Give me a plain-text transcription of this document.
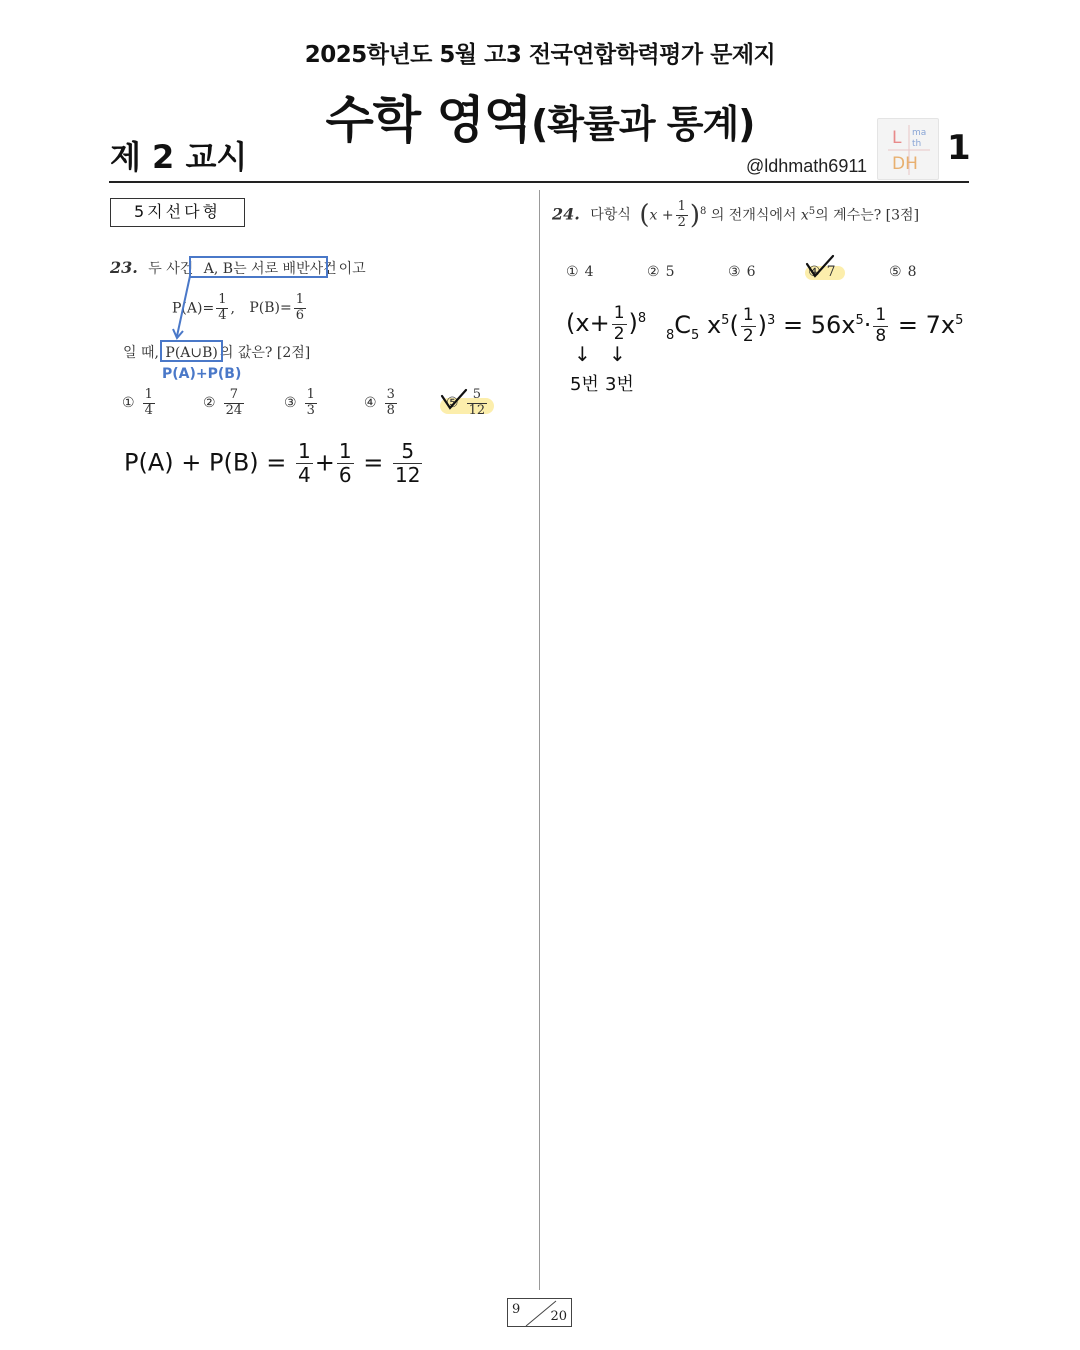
2025학년도 5월 고3 전국연합학력평가 문제지
수학 영역(확률과 통계)
제 2 교시	@ldhmath6911
L ma
th
DH 1
5지선다형
23. 두 사건 A, B는 서로 배반사건 이고
$P(A)= \frac{1}{4}$ , $P(B)= \frac{1}{6}$
일 때, P(A∪B) 의 값은? [2점]
P(A)+P(B)
① $\frac{1}{4}$	② $\frac{7}{24}$	③ $\frac{1}{3}$	④ $\frac{3}{8}$	⑤ $\frac{5}{12}$
$P(A) + P(B) = \frac{1}{4} + \frac{1}{6} = \frac{5}{12}$
24. 다항식 $(x + \frac{1}{2} )^8$ 의 전개식에서 $x^5$의 계수는? [3점]
① 4	② 5	③ 6	④ 7	⑤ 8
$(x+ \frac{1}{2} )^8$
↓ ↓
5번 3번
$_8C_5$ $x^5( \frac{1}{2} )^3 = 56x^5\cdot \frac{1}{8} = 7x^5$
9 20
